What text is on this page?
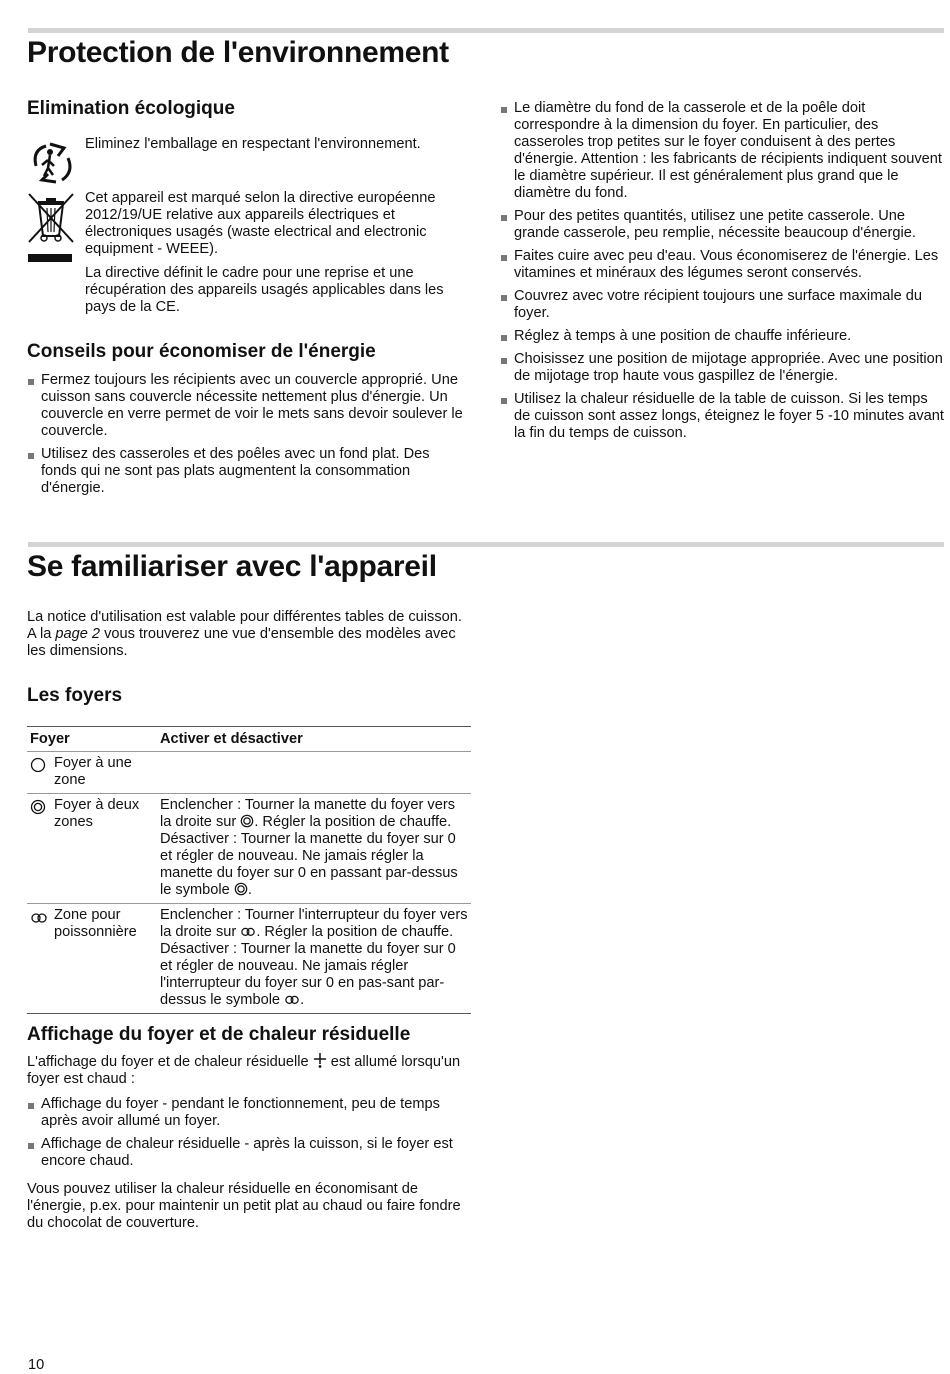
Protection de l'environnement
Elimination écologique

Eliminez l'emballage en respectant l'environnement.

Cet appareil est marqué selon la directive européenne 2012/19/UE relative aux appareils électriques et électroniques usagés (waste electrical and electronic equipment - WEEE).

La directive définit le cadre pour une reprise et une récupération des appareils usagés applicables dans les pays de la CE.

Conseils pour économiser de l'énergie
Fermez toujours les récipients avec un couvercle approprié. Une cuisson sans couvercle nécessite nettement plus d'énergie. Un couvercle en verre permet de voir le mets sans devoir soulever le couvercle.
Utilisez des casseroles et des poêles avec un fond plat. Des fonds qui ne sont pas plats augmentent la consommation d'énergie.
Le diamètre du fond de la casserole et de la poêle doit correspondre à la dimension du foyer. En particulier, des casseroles trop petites sur le foyer conduisent à des pertes d'énergie. Attention : les fabricants de récipients indiquent souvent le diamètre supérieur. Il est généralement plus grand que le diamètre du fond.
Pour des petites quantités, utilisez une petite casserole. Une grande casserole, peu remplie, nécessite beaucoup d'énergie.
Faites cuire avec peu d'eau. Vous économiserez de l'énergie. Les vitamines et minéraux des légumes seront conservés.
Couvrez avec votre récipient toujours une surface maximale du foyer.
Réglez à temps à une position de chauffe inférieure.
Choisissez une position de mijotage appropriée. Avec une position de mijotage trop haute vous gaspillez de l'énergie.
Utilisez la chaleur résiduelle de la table de cuisson. Si les temps de cuisson sont assez longs, éteignez le foyer 5 -10 minutes avant la fin du temps de cuisson.
Se familiariser avec l'appareil

La notice d'utilisation est valable pour différentes tables de cuisson. A la page 2 vous trouverez une vue d'ensemble des modèles avec les dimensions.

Les foyers
Foyer	Activer et désactiver

Foyer à une zone	

Foyer à deux zones	Enclencher : Tourner la manette du foyer vers la droite sur . Régler la position de chauffe. Désactiver : Tourner la manette du foyer sur 0 et régler de nouveau. Ne jamais régler la manette du foyer sur 0 en passant par-dessus le symbole .

Zone pour poissonnière	Enclencher : Tourner l'interrupteur du foyer vers la droite sur . Régler la position de chauffe. Désactiver : Tourner la manette du foyer sur 0 et régler de nouveau. Ne jamais régler l'interrupteur du foyer sur 0 en pas-sant par-dessus le symbole .
Affichage du foyer et de chaleur résiduelle

L'affichage du foyer et de chaleur résiduelle  est allumé lorsqu'un foyer est chaud :

Affichage du foyer - pendant le fonctionnement, peu de temps après avoir allumé un foyer.
Affichage de chaleur résiduelle - après la cuisson, si le foyer est encore chaud.

Vous pouvez utiliser la chaleur résiduelle en économisant de l'énergie, p.ex. pour maintenir un petit plat au chaud ou faire fondre du chocolat de couverture.

10
